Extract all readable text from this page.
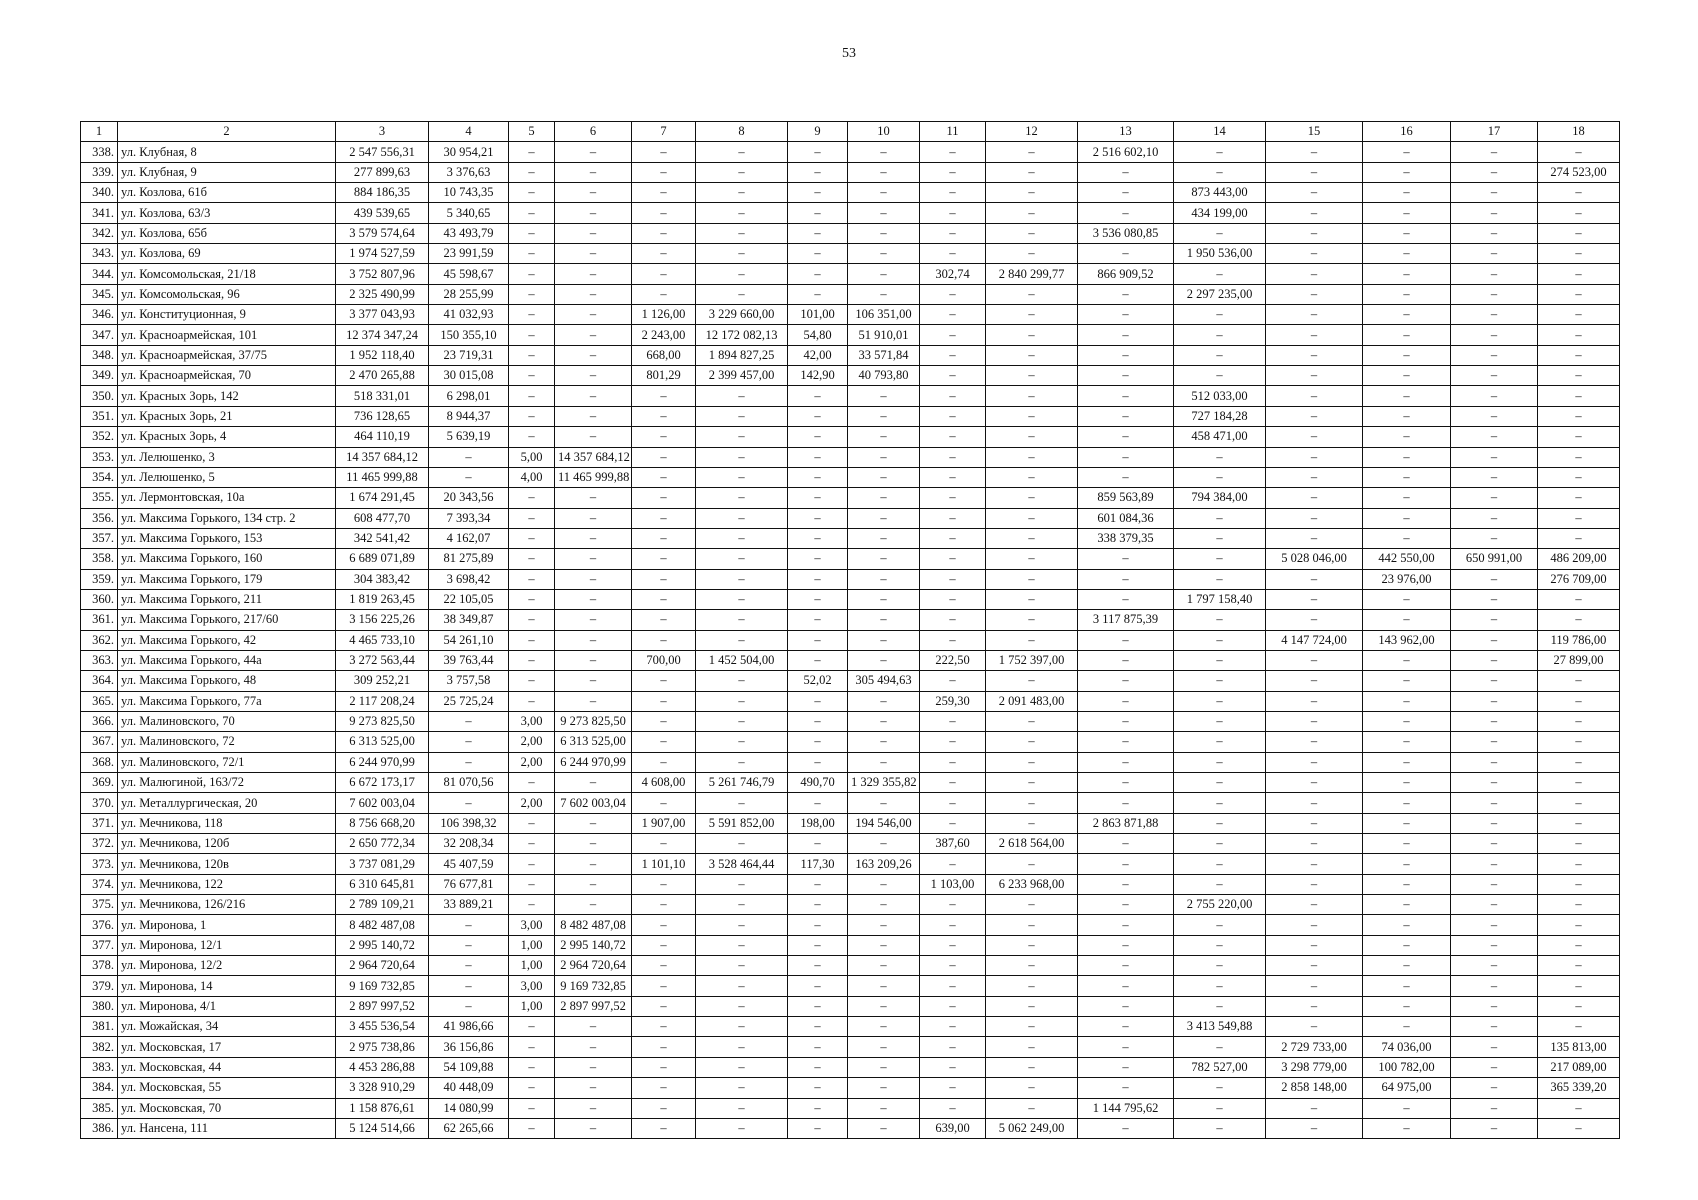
53
1	2	3	4	5	6	7	8	9	10	11	12	13	14	15	16	17	18
338.	ул. Клубная, 8	2 547 556,31	30 954,21	–	–	–	–	–	–	–	–	2 516 602,10	–	–	–	–	–
339.	ул. Клубная, 9	277 899,63	3 376,63	–	–	–	–	–	–	–	–	–	–	–	–	–	274 523,00
340.	ул. Козлова, 61б	884 186,35	10 743,35	–	–	–	–	–	–	–	–	–	873 443,00	–	–	–	–
341.	ул. Козлова, 63/3	439 539,65	5 340,65	–	–	–	–	–	–	–	–	–	434 199,00	–	–	–	–
342.	ул. Козлова, 65б	3 579 574,64	43 493,79	–	–	–	–	–	–	–	–	3 536 080,85	–	–	–	–	–
343.	ул. Козлова, 69	1 974 527,59	23 991,59	–	–	–	–	–	–	–	–	–	1 950 536,00	–	–	–	–
344.	ул. Комсомольская, 21/18	3 752 807,96	45 598,67	–	–	–	–	–	–	302,74	2 840 299,77	866 909,52	–	–	–	–	–
345.	ул. Комсомольская, 96	2 325 490,99	28 255,99	–	–	–	–	–	–	–	–	–	2 297 235,00	–	–	–	–
346.	ул. Конституционная, 9	3 377 043,93	41 032,93	–	–	1 126,00	3 229 660,00	101,00	106 351,00	–	–	–	–	–	–	–	–
347.	ул. Красноармейская, 101	12 374 347,24	150 355,10	–	–	2 243,00	12 172 082,13	54,80	51 910,01	–	–	–	–	–	–	–	–
348.	ул. Красноармейская, 37/75	1 952 118,40	23 719,31	–	–	668,00	1 894 827,25	42,00	33 571,84	–	–	–	–	–	–	–	–
349.	ул. Красноармейская, 70	2 470 265,88	30 015,08	–	–	801,29	2 399 457,00	142,90	40 793,80	–	–	–	–	–	–	–	–
350.	ул. Красных Зорь, 142	518 331,01	6 298,01	–	–	–	–	–	–	–	–	–	512 033,00	–	–	–	–
351.	ул. Красных Зорь, 21	736 128,65	8 944,37	–	–	–	–	–	–	–	–	–	727 184,28	–	–	–	–
352.	ул. Красных Зорь, 4	464 110,19	5 639,19	–	–	–	–	–	–	–	–	–	458 471,00	–	–	–	–
353.	ул. Лелюшенко, 3	14 357 684,12	–	5,00	14 357 684,12	–	–	–	–	–	–	–	–	–	–	–	–
354.	ул. Лелюшенко, 5	11 465 999,88	–	4,00	11 465 999,88	–	–	–	–	–	–	–	–	–	–	–	–
355.	ул. Лермонтовская, 10а	1 674 291,45	20 343,56	–	–	–	–	–	–	–	–	859 563,89	794 384,00	–	–	–	–
356.	ул. Максима Горького, 134 стр. 2	608 477,70	7 393,34	–	–	–	–	–	–	–	–	601 084,36	–	–	–	–	–
357.	ул. Максима Горького, 153	342 541,42	4 162,07	–	–	–	–	–	–	–	–	338 379,35	–	–	–	–	–
358.	ул. Максима Горького, 160	6 689 071,89	81 275,89	–	–	–	–	–	–	–	–	–	–	5 028 046,00	442 550,00	650 991,00	486 209,00
359.	ул. Максима Горького, 179	304 383,42	3 698,42	–	–	–	–	–	–	–	–	–	–	–	23 976,00	–	276 709,00
360.	ул. Максима Горького, 211	1 819 263,45	22 105,05	–	–	–	–	–	–	–	–	–	1 797 158,40	–	–	–	–
361.	ул. Максима Горького, 217/60	3 156 225,26	38 349,87	–	–	–	–	–	–	–	–	3 117 875,39	–	–	–	–	–
362.	ул. Максима Горького, 42	4 465 733,10	54 261,10	–	–	–	–	–	–	–	–	–	–	4 147 724,00	143 962,00	–	119 786,00
363.	ул. Максима Горького, 44а	3 272 563,44	39 763,44	–	–	700,00	1 452 504,00	–	–	222,50	1 752 397,00	–	–	–	–	–	27 899,00
364.	ул. Максима Горького, 48	309 252,21	3 757,58	–	–	–	–	52,02	305 494,63	–	–	–	–	–	–	–	–
365.	ул. Максима Горького, 77а	2 117 208,24	25 725,24	–	–	–	–	–	–	259,30	2 091 483,00	–	–	–	–	–	–
366.	ул. Малиновского, 70	9 273 825,50	–	3,00	9 273 825,50	–	–	–	–	–	–	–	–	–	–	–	–
367.	ул. Малиновского, 72	6 313 525,00	–	2,00	6 313 525,00	–	–	–	–	–	–	–	–	–	–	–	–
368.	ул. Малиновского, 72/1	6 244 970,99	–	2,00	6 244 970,99	–	–	–	–	–	–	–	–	–	–	–	–
369.	ул. Малюгиной, 163/72	6 672 173,17	81 070,56	–	–	4 608,00	5 261 746,79	490,70	1 329 355,82	–	–	–	–	–	–	–	–
370.	ул. Металлургическая, 20	7 602 003,04	–	2,00	7 602 003,04	–	–	–	–	–	–	–	–	–	–	–	–
371.	ул. Мечникова, 118	8 756 668,20	106 398,32	–	–	1 907,00	5 591 852,00	198,00	194 546,00	–	–	2 863 871,88	–	–	–	–	–
372.	ул. Мечникова, 120б	2 650 772,34	32 208,34	–	–	–	–	–	–	387,60	2 618 564,00	–	–	–	–	–	–
373.	ул. Мечникова, 120в	3 737 081,29	45 407,59	–	–	1 101,10	3 528 464,44	117,30	163 209,26	–	–	–	–	–	–	–	–
374.	ул. Мечникова, 122	6 310 645,81	76 677,81	–	–	–	–	–	–	1 103,00	6 233 968,00	–	–	–	–	–	–
375.	ул. Мечникова, 126/216	2 789 109,21	33 889,21	–	–	–	–	–	–	–	–	–	2 755 220,00	–	–	–	–
376.	ул. Миронова, 1	8 482 487,08	–	3,00	8 482 487,08	–	–	–	–	–	–	–	–	–	–	–	–
377.	ул. Миронова, 12/1	2 995 140,72	–	1,00	2 995 140,72	–	–	–	–	–	–	–	–	–	–	–	–
378.	ул. Миронова, 12/2	2 964 720,64	–	1,00	2 964 720,64	–	–	–	–	–	–	–	–	–	–	–	–
379.	ул. Миронова, 14	9 169 732,85	–	3,00	9 169 732,85	–	–	–	–	–	–	–	–	–	–	–	–
380.	ул. Миронова, 4/1	2 897 997,52	–	1,00	2 897 997,52	–	–	–	–	–	–	–	–	–	–	–	–
381.	ул. Можайская, 34	3 455 536,54	41 986,66	–	–	–	–	–	–	–	–	–	3 413 549,88	–	–	–	–
382.	ул. Московская, 17	2 975 738,86	36 156,86	–	–	–	–	–	–	–	–	–	–	2 729 733,00	74 036,00	–	135 813,00
383.	ул. Московская, 44	4 453 286,88	54 109,88	–	–	–	–	–	–	–	–	–	782 527,00	3 298 779,00	100 782,00	–	217 089,00
384.	ул. Московская, 55	3 328 910,29	40 448,09	–	–	–	–	–	–	–	–	–	–	2 858 148,00	64 975,00	–	365 339,20
385.	ул. Московская, 70	1 158 876,61	14 080,99	–	–	–	–	–	–	–	–	1 144 795,62	–	–	–	–	–
386.	ул. Нансена, 111	5 124 514,66	62 265,66	–	–	–	–	–	–	639,00	5 062 249,00	–	–	–	–	–	–
